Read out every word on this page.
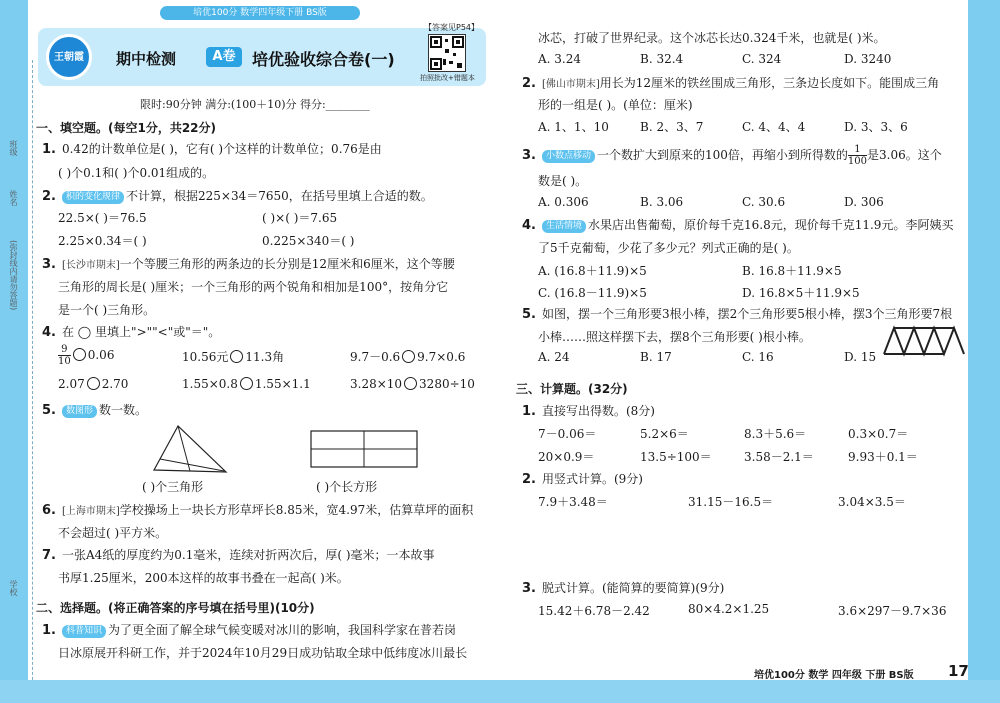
班级
姓名
(弥封线内请勿答题)
学校
培优100分 数学四年级下册 BS版
王朝霞	期中检测	A卷	培优验收综合卷(一)
【答案见P54】
拍照批改+错题本
限时:90分钟 满分:(100＋10)分 得分:________
一、填空题。(每空1分，共22分)
1. 0.42的计数单位是( )，它有( )个这样的计数单位；0.76是由
( )个0.1和( )个0.01组成的。
2. 积的变化规律 不计算，根据225×34＝7650，在括号里填上合适的数。
22.5×( )＝76.5	( )×( )＝7.65
2.25×0.34＝( )	0.225×340＝( )
3. [长沙市期末]一个等腰三角形的两条边的长分别是12厘米和6厘米，这个等腰
三角形的周长是( )厘米；一个三角形的两个锐角和相加是100°，按角分它
是一个( )三角形。
4. 在 ◯ 里填上">""<"或"＝"。
$\frac{9}{10} 0.06$	10.56元 11.3角	9.7－0.6 9.7×0.6
2.07 2.70	1.55×0.8 1.55×1.1	3.28×10 3280÷10
5. 数图形 数一数。
( )个三角形	( )个长方形
6. [上海市期末]学校操场上一块长方形草坪长8.85米，宽4.97米，估算草坪的面积
不会超过( )平方米。
7. 一张A4纸的厚度约为0.1毫米，连续对折两次后，厚( )毫米；一本故事
书厚1.25厘米，200本这样的故事书叠在一起高( )米。
二、选择题。(将正确答案的序号填在括号里)(10分)
1. 科普知识 为了更全面了解全球气候变暖对冰川的影响，我国科学家在普若岗
日冰原展开科研工作，并于2024年10月29日成功钻取全球中低纬度冰川最长
冰芯，打破了世界纪录。这个冰芯长达0.324千米，也就是( )米。
A. 3.24	B. 32.4	C. 324	D. 3240
2. [佛山市期末]用长为12厘米的铁丝围成三角形，三条边长度如下。能围成三角
形的一组是( )。(单位：厘米)
A. 1、1、10	B. 2、3、7	C. 4、4、4	D. 3、3、6
3. 小数点移动 一个数扩大到原来的100倍，再缩小到所得数的 $\frac{1}{100}$ 是3.06。这个
数是( )。
A. 0.306	B. 3.06	C. 30.6	D. 306
4. 生活情境 水果店出售葡萄，原价每千克16.8元，现价每千克11.9元。李阿姨买
了5千克葡萄，少花了多少元？列式正确的是( )。
A. (16.8＋11.9)×5	B. 16.8＋11.9×5
C. (16.8－11.9)×5	D. 16.8×5＋11.9×5
5. 如图，摆一个三角形要3根小棒，摆2个三角形要5根小棒，摆3个三角形要7根
小棒……照这样摆下去，摆8个三角形要( )根小棒。
A. 24	B. 17	C. 16	D. 15
三、计算题。(32分)
1. 直接写出得数。(8分)
7－0.06＝	5.2×6＝	8.3＋5.6＝	0.3×0.7＝
20×0.9＝	13.5÷100＝	3.58－2.1＝	9.93＋0.1＝
2. 用竖式计算。(9分)
7.9＋3.48＝	31.15－16.5＝	3.04×3.5＝
3. 脱式计算。(能简算的要简算)(9分)
15.42＋6.78－2.42	80×4.2×1.25	3.6×297－9.7×36
培优100分 数学 四年级 下册 BS版 17
